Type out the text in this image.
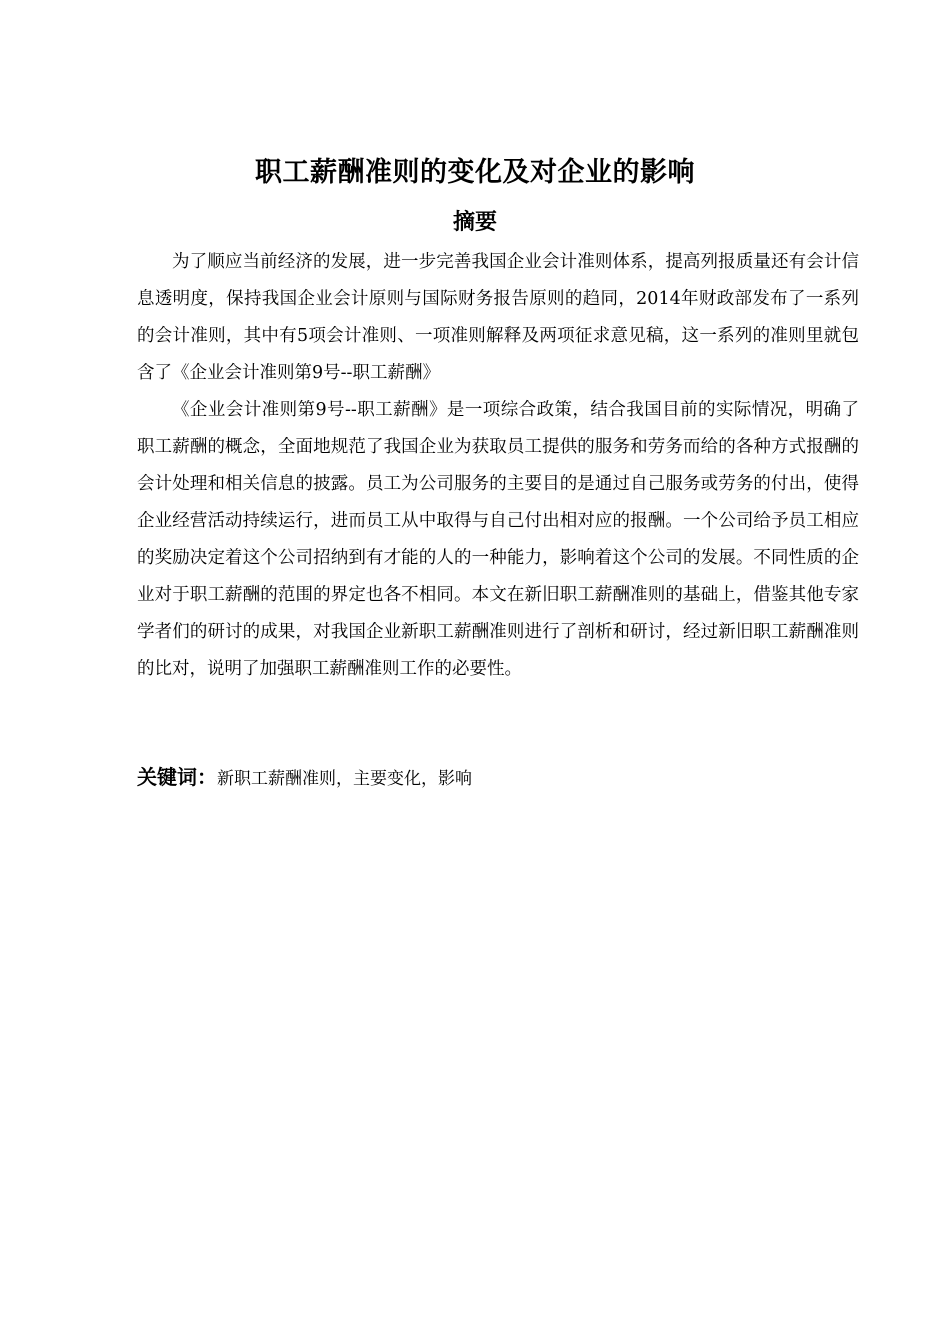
职工薪酬准则的变化及对企业的影响
摘要

为了顺应当前经济的发展，进一步完善我国企业会计准则体系，提高列报质量还有会计信息透明度，保持我国企业会计原则与国际财务报告原则的趋同，2014年财政部发布了一系列的会计准则，其中有5项会计准则、一项准则解释及两项征求意见稿，这一系列的准则里就包含了《企业会计准则第9号--职工薪酬》

《企业会计准则第9号--职工薪酬》是一项综合政策，结合我国目前的实际情况，明确了职工薪酬的概念，全面地规范了我国企业为获取员工提供的服务和劳务而给的各种方式报酬的会计处理和相关信息的披露。员工为公司服务的主要目的是通过自己服务或劳务的付出，使得企业经营活动持续运行，进而员工从中取得与自己付出相对应的报酬。一个公司给予员工相应的奖励决定着这个公司招纳到有才能的人的一种能力，影响着这个公司的发展。不同性质的企业对于职工薪酬的范围的界定也各不相同。本文在新旧职工薪酬准则的基础上，借鉴其他专家学者们的研讨的成果，对我国企业新职工薪酬准则进行了剖析和研讨，经过新旧职工薪酬准则的比对，说明了加强职工薪酬准则工作的必要性。

关键词：新职工薪酬准则，主要变化，影响
